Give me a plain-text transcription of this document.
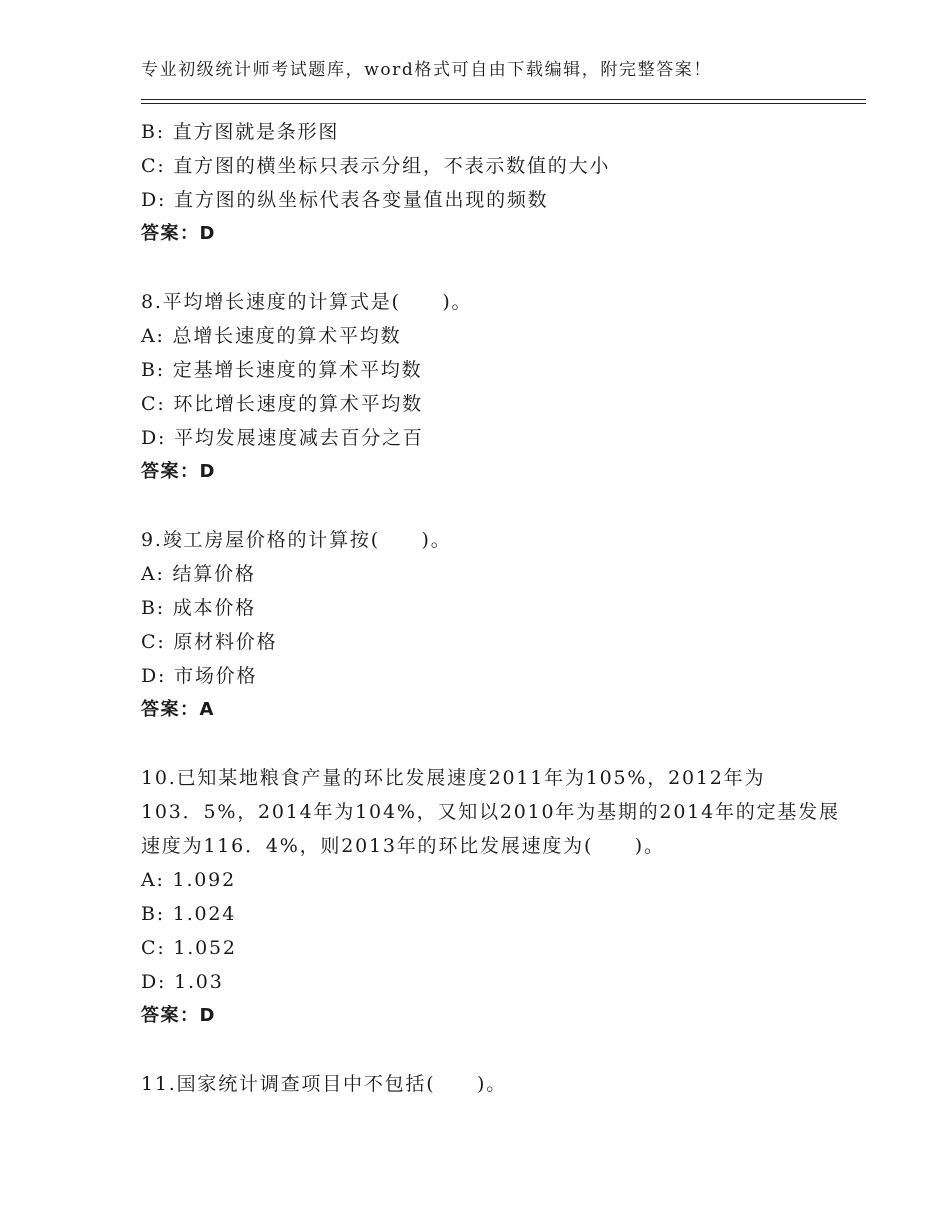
专业初级统计师考试题库，word格式可自由下载编辑，附完整答案！
B: 直方图就是条形图
C: 直方图的横坐标只表示分组，不表示数值的大小
D: 直方图的纵坐标代表各变量值出现的频数
答案：D
8.平均增长速度的计算式是(　　)。
A: 总增长速度的算术平均数
B: 定基增长速度的算术平均数
C: 环比增长速度的算术平均数
D: 平均发展速度减去百分之百
答案：D
9.竣工房屋价格的计算按(　　)。
A: 结算价格
B: 成本价格
C: 原材料价格
D: 市场价格
答案：A
10.已知某地粮食产量的环比发展速度2011年为105%，2012年为
103．5%，2014年为104%，又知以2010年为基期的2014年的定基发展
速度为116．4%，则2013年的环比发展速度为(　　)。
A: 1.092
B: 1.024
C: 1.052
D: 1.03
答案：D
11.国家统计调查项目中不包括(　　)。
